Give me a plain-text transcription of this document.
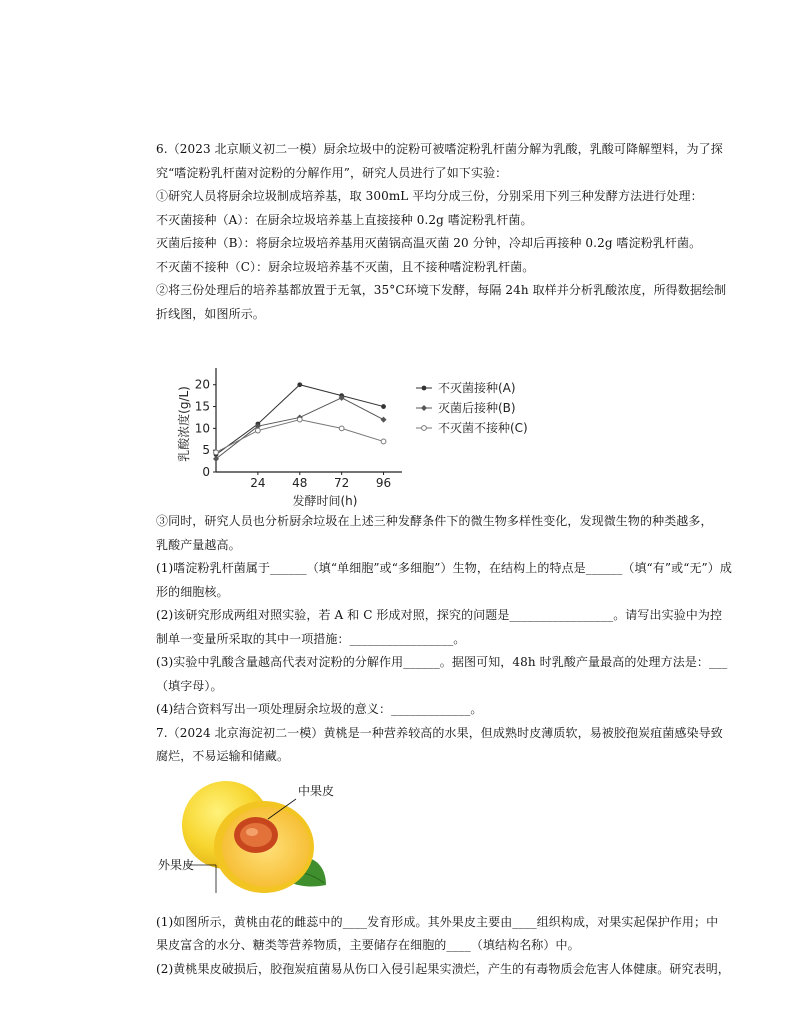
6.（2023 北京顺义初二一模）厨余垃圾中的淀粉可被嗜淀粉乳杆菌分解为乳酸，乳酸可降解塑料，为了探
究“嗜淀粉乳杆菌对淀粉的分解作用”，研究人员进行了如下实验：
①研究人员将厨余垃圾制成培养基，取 300mL 平均分成三份，分别采用下列三种发酵方法进行处理：
不灭菌接种（A）：在厨余垃圾培养基上直接接种 0.2g 嗜淀粉乳杆菌。
灭菌后接种（B）：将厨余垃圾培养基用灭菌锅高温灭菌 20 分钟，冷却后再接种 0.2g 嗜淀粉乳杆菌。
不灭菌不接种（C）：厨余垃圾培养基不灭菌，且不接种嗜淀粉乳杆菌。
②将三份处理后的培养基都放置于无氧，35°C环境下发酵，每隔 24h 取样并分析乳酸浓度，所得数据绘制
折线图，如图所示。
0
5
10
15
20
24 48 72 96
发酵时间(h)
乳酸浓度(g/L)	不灭菌接种(A)
灭菌后接种(B)
不灭菌不接种(C)
③同时，研究人员也分析厨余垃圾在上述三种发酵条件下的微生物多样性变化，发现微生物的种类越多，
乳酸产量越高。
(1)嗜淀粉乳杆菌属于______（填“单细胞”或“多细胞”）生物，在结构上的特点是______（填“有”或“无”）成
形的细胞核。
(2)该研究形成两组对照实验，若 A 和 C 形成对照，探究的问题是_________________。请写出实验中为控
制单一变量所采取的其中一项措施：_________________。
(3)实验中乳酸含量越高代表对淀粉的分解作用______。据图可知，48h 时乳酸产量最高的处理方法是：___
（填字母）。
(4)结合资料写出一项处理厨余垃圾的意义：_____________。
7.（2024 北京海淀初二一模）黄桃是一种营养较高的水果，但成熟时皮薄质软，易被胶孢炭疽菌感染导致
腐烂，不易运输和储藏。
中果皮
外果皮
(1)如图所示，黄桃由花的雌蕊中的____发育形成。其外果皮主要由____组织构成，对果实起保护作用；中
果皮富含的水分、糖类等营养物质，主要储存在细胞的____（填结构名称）中。
(2)黄桃果皮破损后，胶孢炭疽菌易从伤口入侵引起果实溃烂，产生的有毒物质会危害人体健康。研究表明，
